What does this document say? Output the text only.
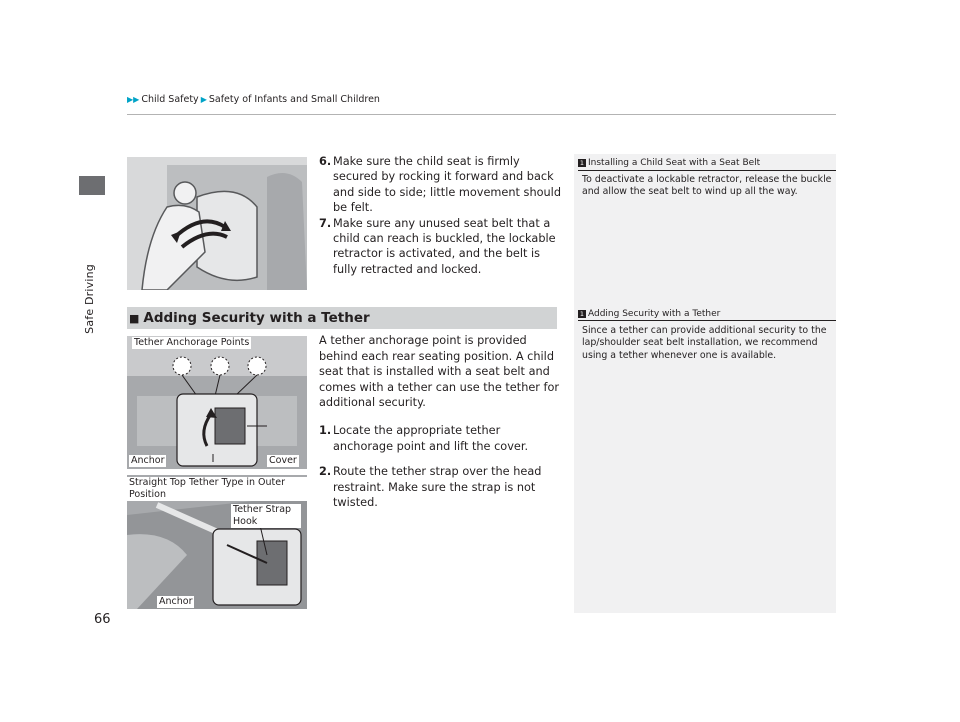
Safe Driving
▶▶ Child Safety ▶ Safety of Infants and Small Children
6. Make sure the child seat is firmly secured by rocking it forward and back and side to side; little movement should be felt.
7. Make sure any unused seat belt that a child can reach is buckled, the lockable retractor is activated, and the belt is fully retracted and locked.
■ Adding Security with a Tether
Tether Anchorage Points
Anchor	Cover
Straight Top Tether Type in Outer Position
Tether Strap Hook
Anchor

A tether anchorage point is provided behind each rear seating position. A child seat that is installed with a seat belt and comes with a tether can use the tether for additional security.

1. Locate the appropriate tether anchorage point and lift the cover.
2. Route the tether strap over the head restraint. Make sure the strap is not twisted.
1 Installing a Child Seat with a Seat Belt
To deactivate a lockable retractor, release the buckle and allow the seat belt to wind up all the way.
1 Adding Security with a Tether
Since a tether can provide additional security to the lap/shoulder seat belt installation, we recommend using a tether whenever one is available.
66
